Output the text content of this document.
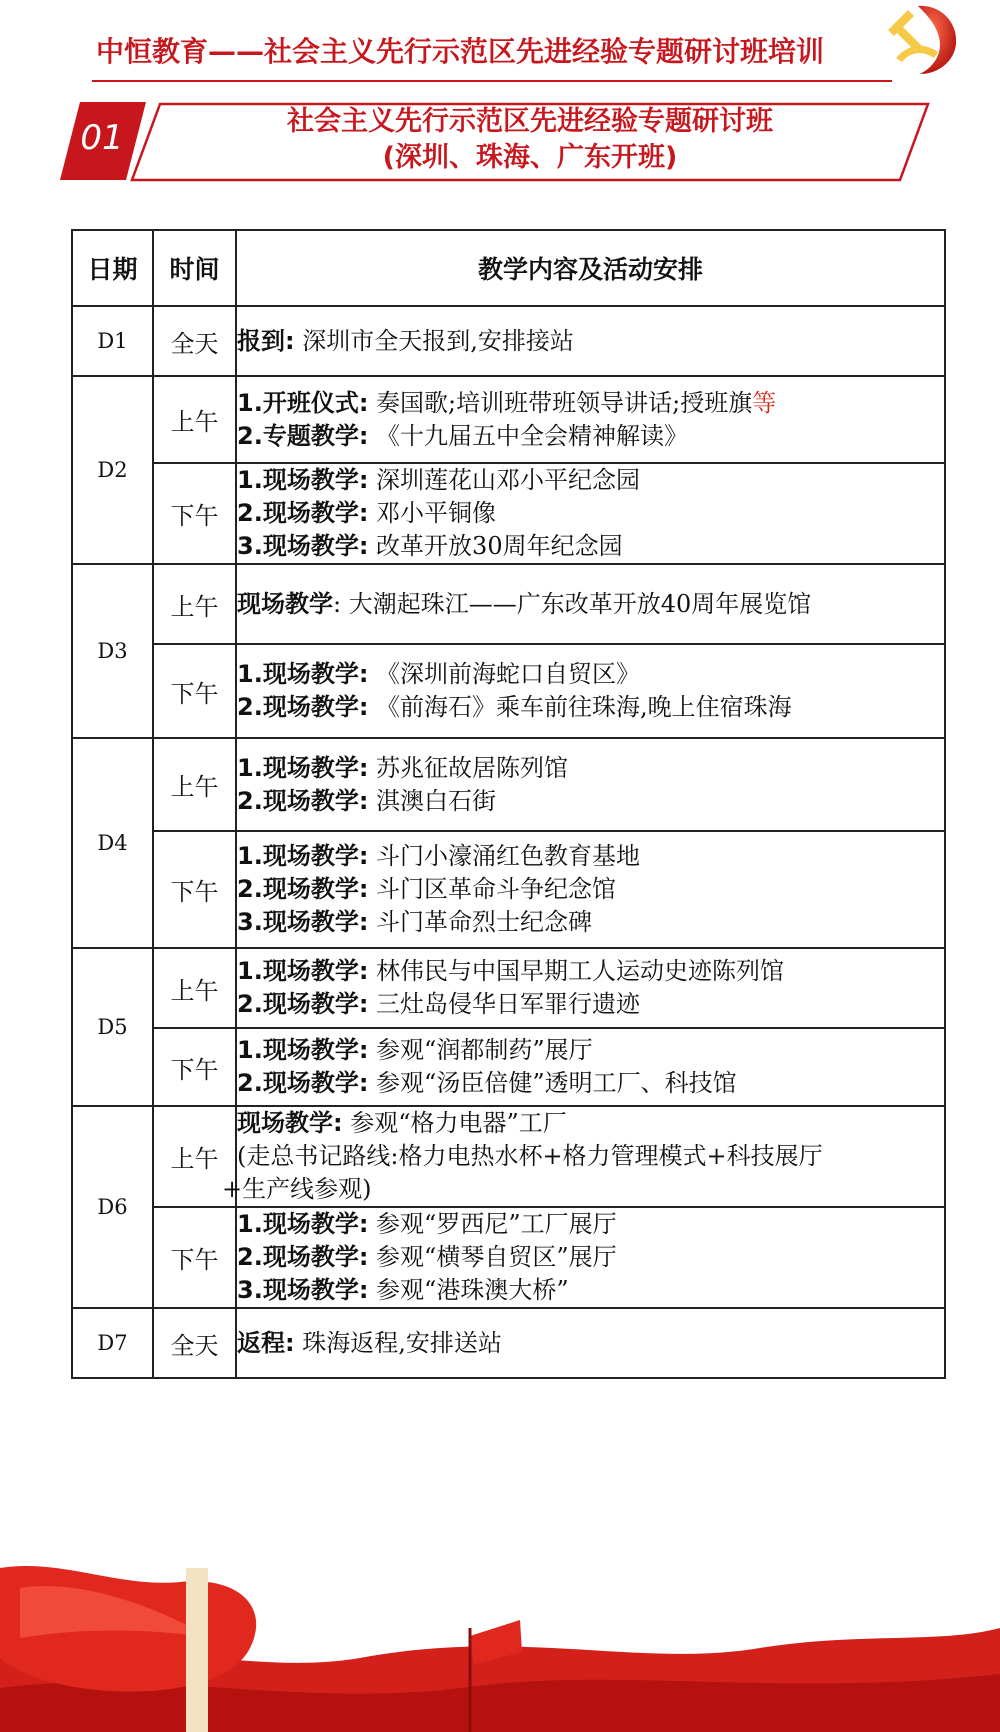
中恒教育——社会主义先行示范区先进经验专题研讨班培训
01	社会主义先行示范区先进经验专题研讨班
(深圳、珠海、广东开班)
日期	时间	教学内容及活动安排
D1	全天	报到: 深圳市全天报到,安排接站

D2	上午	1.开班仪式: 奏国歌;培训班带班领导讲话;授班旗等
2.专题教学: 《十九届五中全会精神解读》

	下午	1.现场教学: 深圳莲花山邓小平纪念园
2.现场教学: 邓小平铜像
3.现场教学: 改革开放30周年纪念园

D3	上午	现场教学: 大潮起珠江——广东改革开放40周年展览馆

	下午	1.现场教学: 《深圳前海蛇口自贸区》
2.现场教学: 《前海石》乘车前往珠海,晚上住宿珠海

D4	上午	1.现场教学: 苏兆征故居陈列馆
2.现场教学: 淇澳白石街

	下午	1.现场教学: 斗门小濠涌红色教育基地
2.现场教学: 斗门区革命斗争纪念馆
3.现场教学: 斗门革命烈士纪念碑

D5	上午	1.现场教学: 林伟民与中国早期工人运动史迹陈列馆
2.现场教学: 三灶岛侵华日军罪行遗迹

	下午	1.现场教学: 参观“润都制药”展厅
2.现场教学: 参观“汤臣倍健”透明工厂、科技馆

D6	上午	现场教学: 参观“格力电器”工厂
(走总书记路线:格力电热水杯+格力管理模式+科技展厅
+生产线参观)

	下午	1.现场教学: 参观“罗西尼”工厂展厅
2.现场教学: 参观“横琴自贸区”展厅
3.现场教学: 参观“港珠澳大桥”

D7	全天	返程: 珠海返程,安排送站
